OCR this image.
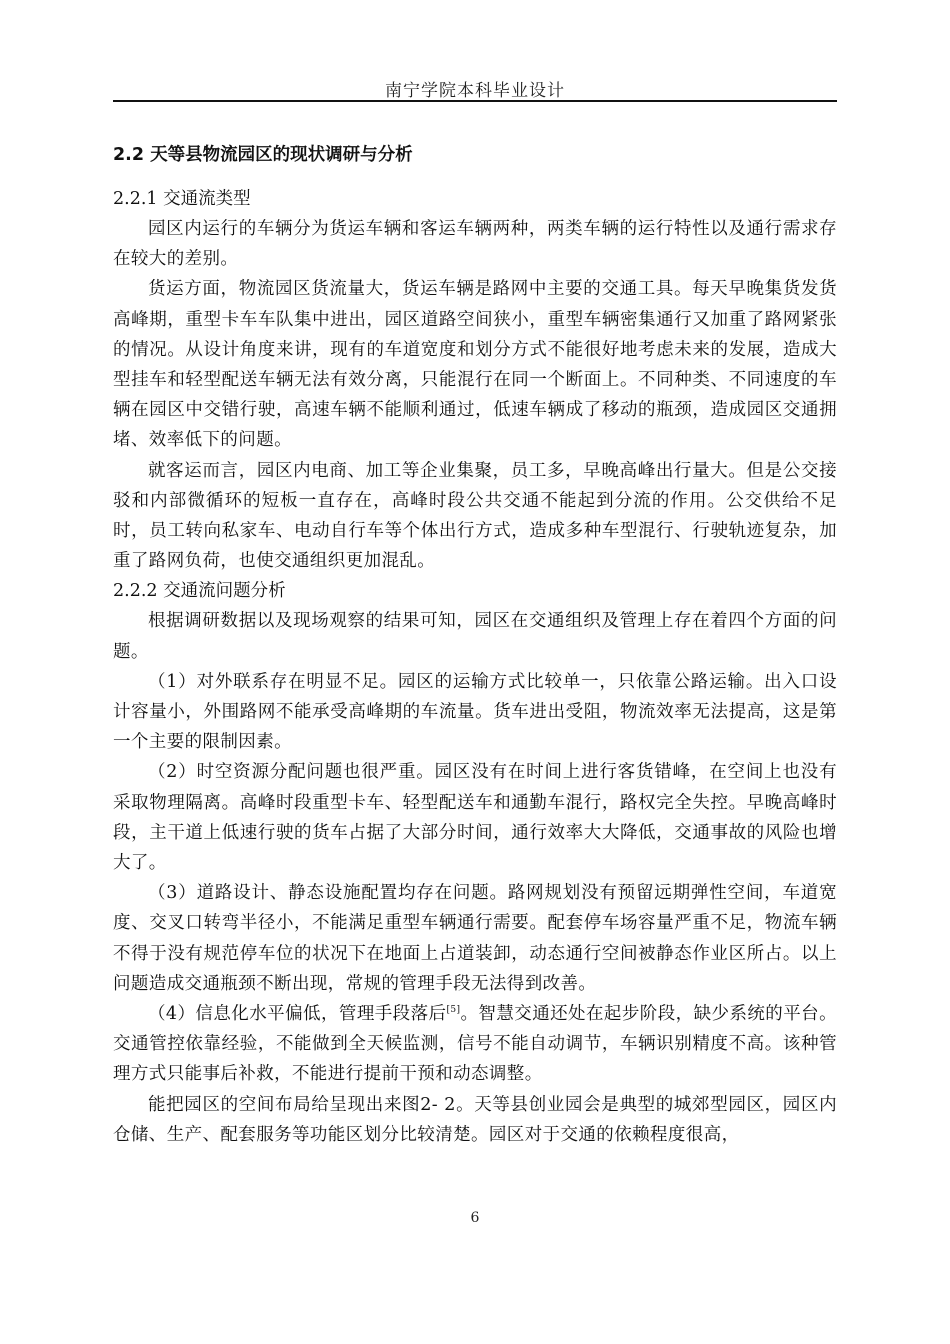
南宁学院本科毕业设计
2.2 天等县物流园区的现状调研与分析
2.2.1 交通流类型

园区内运行的车辆分为货运车辆和客运车辆两种，两类车辆的运行特性以及通行需求存在较大的差别。

货运方面，物流园区货流量大，货运车辆是路网中主要的交通工具。每天早晚集货发货高峰期，重型卡车车队集中进出，园区道路空间狭小，重型车辆密集通行又加重了路网紧张的情况。从设计角度来讲，现有的车道宽度和划分方式不能很好地考虑未来的发展，造成大型挂车和轻型配送车辆无法有效分离，只能混行在同一个断面上。不同种类、不同速度的车辆在园区中交错行驶，高速车辆不能顺利通过，低速车辆成了移动的瓶颈，造成园区交通拥堵、效率低下的问题。

就客运而言，园区内电商、加工等企业集聚，员工多，早晚高峰出行量大。但是公交接驳和内部微循环的短板一直存在，高峰时段公共交通不能起到分流的作用。公交供给不足时，员工转向私家车、电动自行车等个体出行方式，造成多种车型混行、行驶轨迹复杂，加重了路网负荷，也使交通组织更加混乱。

2.2.2 交通流问题分析

根据调研数据以及现场观察的结果可知，园区在交通组织及管理上存在着四个方面的问题。

（1）对外联系存在明显不足。园区的运输方式比较单一，只依靠公路运输。出入口设计容量小，外围路网不能承受高峰期的车流量。货车进出受阻，物流效率无法提高，这是第一个主要的限制因素。

（2）时空资源分配问题也很严重。园区没有在时间上进行客货错峰，在空间上也没有采取物理隔离。高峰时段重型卡车、轻型配送车和通勤车混行，路权完全失控。早晚高峰时段，主干道上低速行驶的货车占据了大部分时间，通行效率大大降低，交通事故的风险也增大了。

（3）道路设计、静态设施配置均存在问题。路网规划没有预留远期弹性空间，车道宽度、交叉口转弯半径小，不能满足重型车辆通行需要。配套停车场容量严重不足，物流车辆不得于没有规范停车位的状况下在地面上占道装卸，动态通行空间被静态作业区所占。以上问题造成交通瓶颈不断出现，常规的管理手段无法得到改善。

（4）信息化水平偏低，管理手段落后[5]。智慧交通还处在起步阶段，缺少系统的平台。交通管控依靠经验，不能做到全天候监测，信号不能自动调节，车辆识别精度不高。该种管理方式只能事后补救，不能进行提前干预和动态调整。

能把园区的空间布局给呈现出来图2- 2。天等县创业园会是典型的城郊型园区，园区内仓储、生产、配套服务等功能区划分比较清楚。园区对于交通的依赖程度很高，

6
